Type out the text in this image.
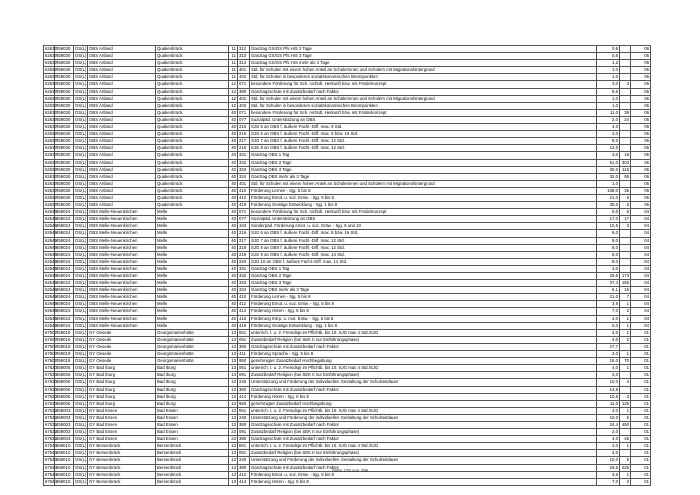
62637	459030	OS(L)	OBS Artland	Quakenbrück	11	312	Ganztag GS/GS Pfs.HIS 2 Tage	0,6		06
62637	459030	OS(L)	OBS Artland	Quakenbrück	11	313	Ganztag GS/GS Pfs.HIS 3 Tage	0,6		06
62637	459030	OS(L)	OBS Artland	Quakenbrück	11	314	Ganztag GS/GS Pfs.HIS mehr als 3 Tage	1,2		06
62637	459030	OS(L)	OBS Artland	Quakenbrück	11	401	Std. für Schulen mit einem hohen Anteil an Schülerinnen und Schülern mit Migrationshintergrund	1,0		06
62637	459030	OS(L)	OBS Artland	Quakenbrück	11	402	Std. für Schulen in besonderen sozialökonomischen Brennpunkten	1,0		06
62637	459030	OS(L)	OBS Artland	Quakenbrück	12	071	besondere Förderung für Sch. nichtdt. Herkunft bzw. mit Förderkonzept	3,0	3	06
62637	459030	OS(L)	OBS Artland	Quakenbrück	12	380	Ganztagsschule mit Zusatzbedarf nach Faktor	9,6		06
62637	459030	OS(L)	OBS Artland	Quakenbrück	12	401	Std. für Schulen mit einem hohen Anteil an Schülerinnen und Schülern mit Migrationshintergrund	1,0		06
62637	459030	OS(L)	OBS Artland	Quakenbrück	12	402	Std. für Schulen in besonderen sozialökonomischen Brennpunkten	1,0		06
62637	459030	OS(L)	OBS Artland	Quakenbrück	40	071	besondere Förderung für Sch. nichtdt. Herkunft bzw. mit Förderkonzept	11,0	39	06
62637	459030	OS(L)	OBS Artland	Quakenbrück	40	077	Sozialpäd. Unterstützung an OBS	2,0	24	06
62637	459030	OS(L)	OBS Artland	Quakenbrück	40	215	SJG 5 an OBS f. äußere Fachl.-Diff. max. 9 Std.	4,0		06
62637	459030	OS(L)	OBS Artland	Quakenbrück	40	216	SJG 6 an OBS f. äußere Fachl.-Diff. max. 8 bzw. 16 Std.	4,0		06
62637	459030	OS(L)	OBS Artland	Quakenbrück	40	217	SJG 7 an OBS f. äußere Fachl.-Diff. max. 12 Std.	8,0		06
62637	459030	OS(L)	OBS Artland	Quakenbrück	40	218	SJG 8 an OBS f. äußere Fachl.-Diff. max. 12 Std.	12,0		06
62637	459030	OS(L)	OBS Artland	Quakenbrück	40	331	Ganztag OBS 1 Tag	3,0	18	06
62637	459030	OS(L)	OBS Artland	Quakenbrück	40	332	Ganztag OBS 2 Tage	51,0	303	06
62637	459030	OS(L)	OBS Artland	Quakenbrück	40	333	Ganztag OBS 3 Tage	30,0	115	06
62637	459030	OS(L)	OBS Artland	Quakenbrück	40	334	Ganztag OBS mehr als 3 Tage	32,0	95	06
62637	459030	OS(L)	OBS Artland	Quakenbrück	40	401	Std. für Schulen mit einem hohen Anteil an Schülerinnen und Schülern mit Migrationshintergrund	1,0		06
62637	459030	OS(L)	OBS Artland	Quakenbrück	40	410	Förderung Lernen - Sjg. 5 bis 8	108,0	36	06
62637	459030	OS(L)	OBS Artland	Quakenbrück	40	412	Förderung Emot. u. soz. Entw. - Sjg. 5 bis 8	21,0	6	06
62637	459030	OS(L)	OBS Artland	Quakenbrück	40	419	Förderung Geistige Entwicklung - Sjg. 1 bis 8	30,0	6	06
62649	459024	OS(L)	OBS Melle-Neuenkirchen	Melle	40	071	besondere Förderung für Sch. nichtdt. Herkunft bzw. mit Förderkonzept	5,0	5	04
62649	459024	OS(L)	OBS Melle-Neuenkirchen	Melle	40	077	Sozialpäd. Unterstützung an OBS	17,0	17	04
62649	459024	OS(L)	OBS Melle-Neuenkirchen	Melle	40	153	Sonderpäd. Förderung emot. u. soz. Entw. - Sjg. 9 und 10	10,5	3	04
62649	459024	OS(L)	OBS Melle-Neuenkirchen	Melle	40	216	SJG 6 an OBS f. äußere Fachl.-Diff. max. 8 bzw. 16 Std.	8,0		04
62649	459024	OS(L)	OBS Melle-Neuenkirchen	Melle	40	217	SJG 7 an OBS f. äußere Fachl.-Diff. max. 12 Std.	8,0		04
62649	459024	OS(L)	OBS Melle-Neuenkirchen	Melle	40	218	SJG 8 an OBS f. äußere Fachl.-Diff. max. 12 Std.	8,0		04
62649	459024	OS(L)	OBS Melle-Neuenkirchen	Melle	40	219	SJG 9 an OBS f. äußere Fachl.-Diff. max. 14 Std.	8,0		04
62649	459024	OS(L)	OBS Melle-Neuenkirchen	Melle	40	220	SJG 10 an OBS f. äußere Fachl.-Diff. max. 14 Std.	8,0		04
62649	459024	OS(L)	OBS Melle-Neuenkirchen	Melle	40	331	Ganztag OBS 1 Tag	3,0		04
62649	459024	OS(L)	OBS Melle-Neuenkirchen	Melle	40	332	Ganztag OBS 2 Tage	29,6	173	04
62649	459024	OS(L)	OBS Melle-Neuenkirchen	Melle	40	333	Ganztag OBS 3 Tage	37,4	156	04
62649	459024	OS(L)	OBS Melle-Neuenkirchen	Melle	40	334	Ganztag OBS mehr als 3 Tage	5,1	16	04
62649	459024	OS(L)	OBS Melle-Neuenkirchen	Melle	40	410	Förderung Lernen - Sjg. 5 bis 8	21,0	7	04
62649	459024	OS(L)	OBS Melle-Neuenkirchen	Melle	40	412	Förderung Emot. u. soz. Entw. - Sjg. 5 bis 8	3,5	1	04
62649	459024	OS(L)	OBS Melle-Neuenkirchen	Melle	40	414	Förderung Hören - Sjg. 5 bis 8	7,0	2	04
62649	459024	OS(L)	OBS Melle-Neuenkirchen	Melle	40	416	Förderung Körp. u. mot. Entw. - Sjg. 5 bis 8	4,0	1	04
62649	459024	OS(L)	OBS Melle-Neuenkirchen	Melle	40	419	Förderung Geistige Entwicklung - Sjg. 1 bis 8	5,0	1	04
67507	459019	OS(L)	GY Oesede	Georgsmarienhütte	13	061	unterrich. t. u. 2. Fremdspr.im Pflichtb. bis 10. SJG max 4 Std./SJG	4,0	1	01
67507	459019	OS(L)	GY Oesede	Georgsmarienhütte	13	091	Zusatzbedarf Religion (bei SEK II nur Einführungsphase)	4,0	2	01
67507	459019	OS(L)	GY Oesede	Georgsmarienhütte	13	380	Ganztagsschule mit Zusatzbedarf nach Faktor	27,7		01
67507	459019	OS(L)	GY Oesede	Georgsmarienhütte	13	411	Förderung Sprache - Sjg. 5 bis 8	3,0	1	01
67507	459019	OS(L)	GY Oesede	Georgsmarienhütte	13	950	genehmigter Zusatzbedarf Hochbegabung	16,0	70	01
67520	459006	OS(L)	GY Bad Iburg	Bad Iburg	13	061	unterrich. t. u. 2. Fremdspr.im Pflichtb. bis 10. SJG max 4 Std./SJG	4,0	1	01
67520	459006	OS(L)	GY Bad Iburg	Bad Iburg	13	091	Zusatzbedarf Religion (bei SEK II nur Einführungsphase)	2,0		01
67520	459006	OS(L)	GY Bad Iburg	Bad Iburg	13	240	Unterstützung und Förderung der individuellen Gestaltung der Schulzeitdauer	10,0	4	01
67520	459006	OS(L)	GY Bad Iburg	Bad Iburg	13	380	Ganztagsschule mit Zusatzbedarf nach Faktor	14,8		01
67520	459006	OS(L)	GY Bad Iburg	Bad Iburg	13	414	Förderung Hören - Sjg. 5 bis 8	10,5	3	01
67520	459006	OS(L)	GY Bad Iburg	Bad Iburg	13	950	genehmigter Zusatzbedarf Hochbegabung	11,0	125	01
67532	459003	OS(L)	GY Bad Essen	Bad Essen	13	061	unterrich. t. u. 2. Fremdspr.im Pflichtb. bis 10. SJG max 4 Std./SJG	4,0	1	01
67532	459003	OS(L)	GY Bad Essen	Bad Essen	13	240	Unterstützung und Förderung der individuellen Gestaltung der Schulzeitdauer	10,0	5	01
67532	459003	OS(L)	GY Bad Essen	Bad Essen	13	380	Ganztagsschule mit Zusatzbedarf nach Faktor	24,4	450	01
67532	459003	OS(L)	GY Bad Essen	Bad Essen	23	091	Zusatzbedarf Religion (bei SEK II nur Einführungsphase)	2,0		01
67532	459003	OS(L)	GY Bad Essen	Bad Essen	23	380	Ganztagsschule mit Zusatzbedarf nach Faktor	4,0	45	01
67544	459010	OS(L)	GY Bersenbrück	Bersenbrück	13	061	unterrich. t. u. 2. Fremdspr.im Pflichtb. bis 10. SJG max 4 Std./SJG	4,0	1	01
67544	459010	OS(L)	GY Bersenbrück	Bersenbrück	13	091	Zusatzbedarf Religion (bei SEK II nur Einführungsphase)	4,0		01
67544	459010	OS(L)	GY Bersenbrück	Bersenbrück	13	240	Unterstützung und Förderung der individuellen Gestaltung der Schulzeitdauer	10,0	5	01
67544	459010	OS(L)	GY Bersenbrück	Bersenbrück	13	380	Ganztagsschule mit Zusatzbedarf nach Faktor	19,5	226	01
67544	459010	OS(L)	GY Bersenbrück	Bersenbrück	13	412	Förderung Emot. u. soz. Entw. - Sjg. 5 bis 8	3,5	1	01
67544	459010	OS(L)	GY Bersenbrück	Bersenbrück	13	414	Förderung Hören - Sjg. 5 bis 8	7,0	2	01
Seite 279 von 296
